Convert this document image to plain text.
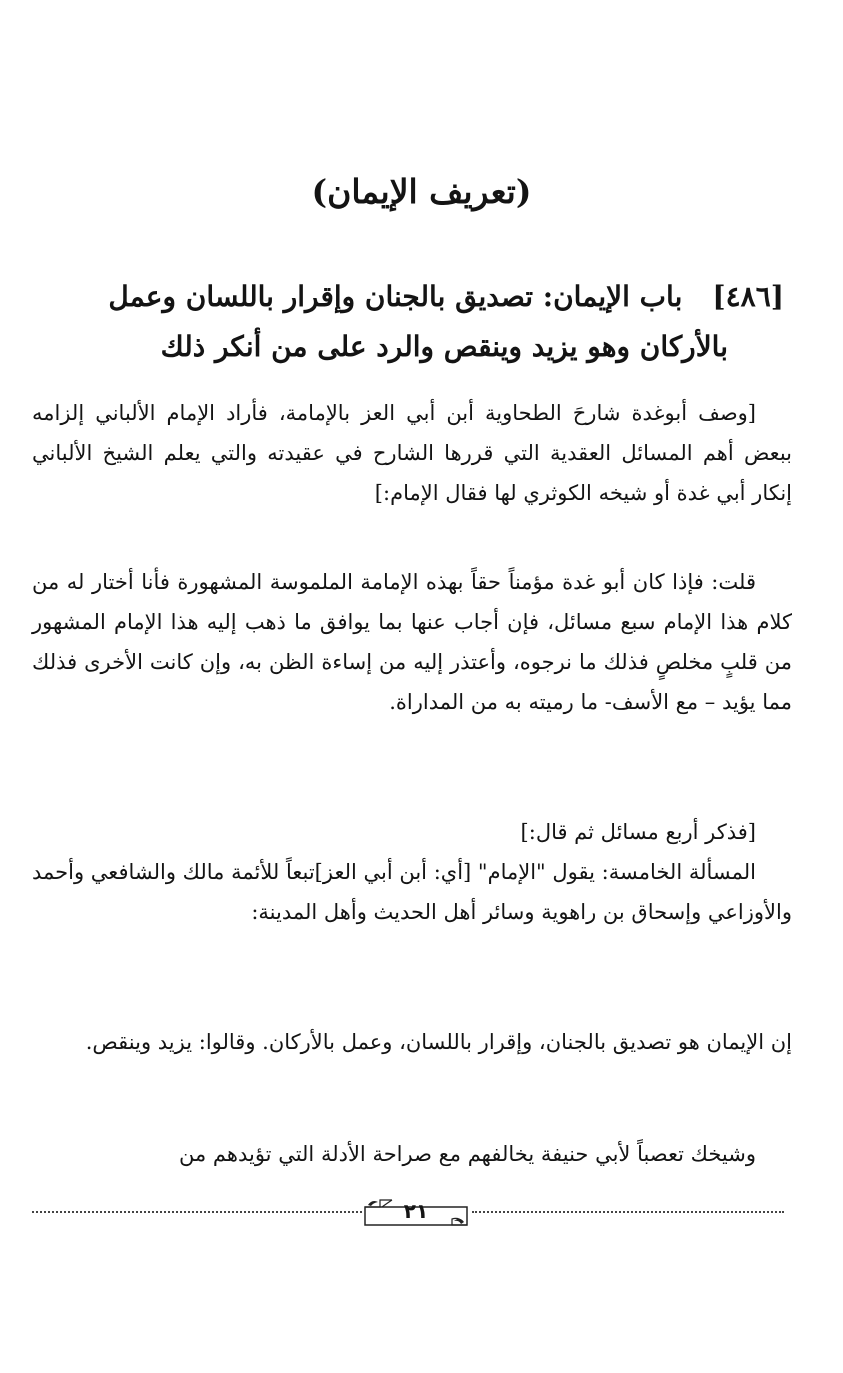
(تعريف الإيمان)
[٤٨٦]باب الإيمان: تصديق بالجنان وإقرار باللسان وعمل
بالأركان وهو يزيد وينقص والرد على من أنكر ذلك

[وصف أبوغدة شارحَ الطحاوية أبن أبي العز بالإمامة، فأراد الإمام الألباني إلزامه ببعض أهم المسائل العقدية التي قررها الشارح في عقيدته والتي يعلم الشيخ الألباني إنكار أبي غدة أو شيخه الكوثري لها فقال الإمام:]

قلت: فإذا كان أبو غدة مؤمناً حقاً بهذه الإمامة الملموسة المشهورة فأنا أختار له من كلام هذا الإمام سبع مسائل، فإن أجاب عنها بما يوافق ما ذهب إليه هذا الإمام المشهور من قلبٍ مخلصٍ فذلك ما نرجوه، وأعتذر إليه من إساءة الظن به، وإن كانت الأخرى فذلك مما يؤيد – مع الأسف- ما رميته به من المداراة.

[فذكر أربع مسائل ثم قال:]

المسألة الخامسة: يقول "الإمام" [أي: أبن أبي العز]تبعاً للأئمة مالك والشافعي وأحمد والأوزاعي وإسحاق بن راهوية وسائر أهل الحديث وأهل المدينة:

إن الإيمان هو تصديق بالجنان، وإقرار باللسان، وعمل بالأركان. وقالوا: يزيد وينقص.

وشيخك تعصباً لأبي حنيفة يخالفهم مع صراحة الأدلة التي تؤيدهم من

٢١
